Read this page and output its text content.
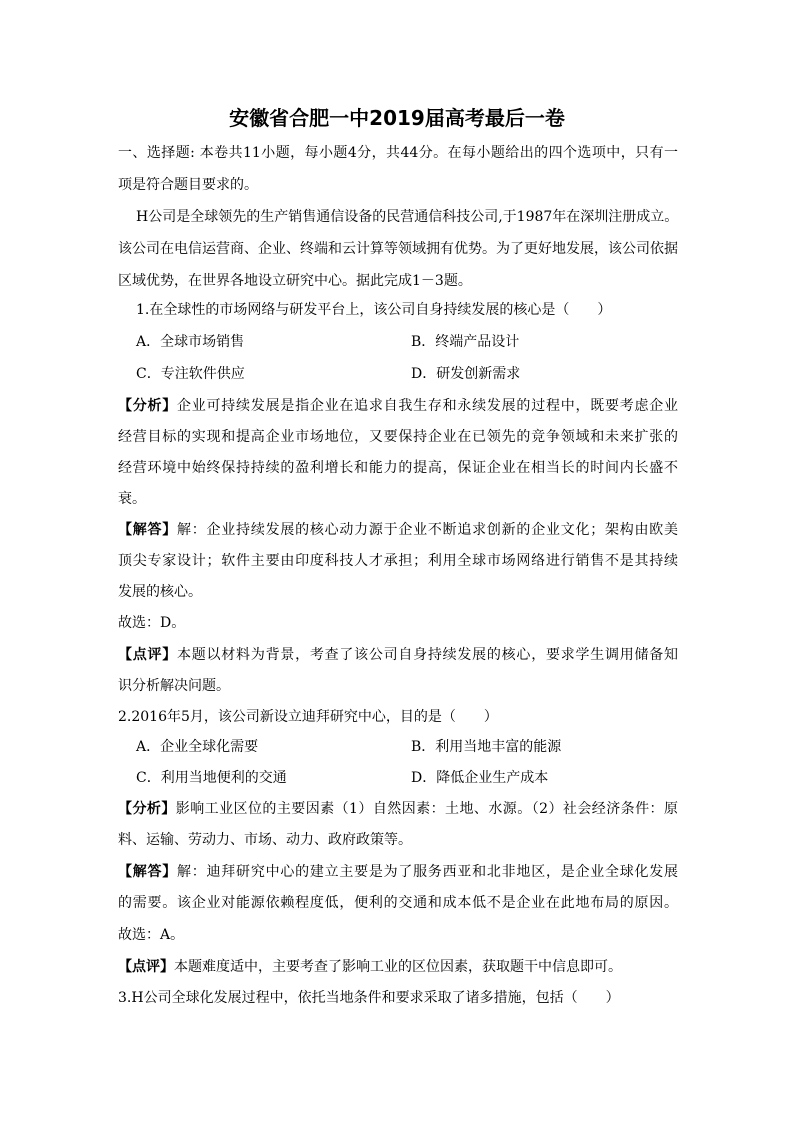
安徽省合肥一中2019届高考最后一卷
一、选择题: 本卷共11小题，每小题4分，共44分。在每小题给出的四个选项中，只有一
项是符合题目要求的。
H公司是全球领先的生产销售通信设备的民营通信科技公司,于1987年在深圳注册成立。
该公司在电信运营商、企业、终端和云计算等领域拥有优势。为了更好地发展，该公司依据
区域优势，在世界各地设立研究中心。据此完成1－3题。
1.在全球性的市场网络与研发平台上，该公司自身持续发展的核心是（　　）
A．全球市场销售	B．终端产品设计
C．专注软件供应	D．研发创新需求
【分析】企业可持续发展是指企业在追求自我生存和永续发展的过程中，既要考虑企业
经营目标的实现和提高企业市场地位，又要保持企业在已领先的竞争领域和未来扩张的
经营环境中始终保持持续的盈利增长和能力的提高，保证企业在相当长的时间内长盛不
衰。
【解答】解：企业持续发展的核心动力源于企业不断追求创新的企业文化；架构由欧美
顶尖专家设计；软件主要由印度科技人才承担；利用全球市场网络进行销售不是其持续
发展的核心。
故选：D。
【点评】本题以材料为背景，考查了该公司自身持续发展的核心，要求学生调用储备知
识分析解决问题。
2.2016年5月，该公司新设立迪拜研究中心，目的是（　　）
A．企业全球化需要	B．利用当地丰富的能源
C．利用当地便利的交通	D．降低企业生产成本
【分析】影响工业区位的主要因素（1）自然因素：土地、水源。（2）社会经济条件：原
料、运输、劳动力、市场、动力、政府政策等。
【解答】解：迪拜研究中心的建立主要是为了服务西亚和北非地区，是企业全球化发展
的需要。该企业对能源依赖程度低，便利的交通和成本低不是企业在此地布局的原因。
故选：A。
【点评】本题难度适中，主要考查了影响工业的区位因素，获取题干中信息即可。
3.H公司全球化发展过程中，依托当地条件和要求采取了诸多措施，包括（　　）
